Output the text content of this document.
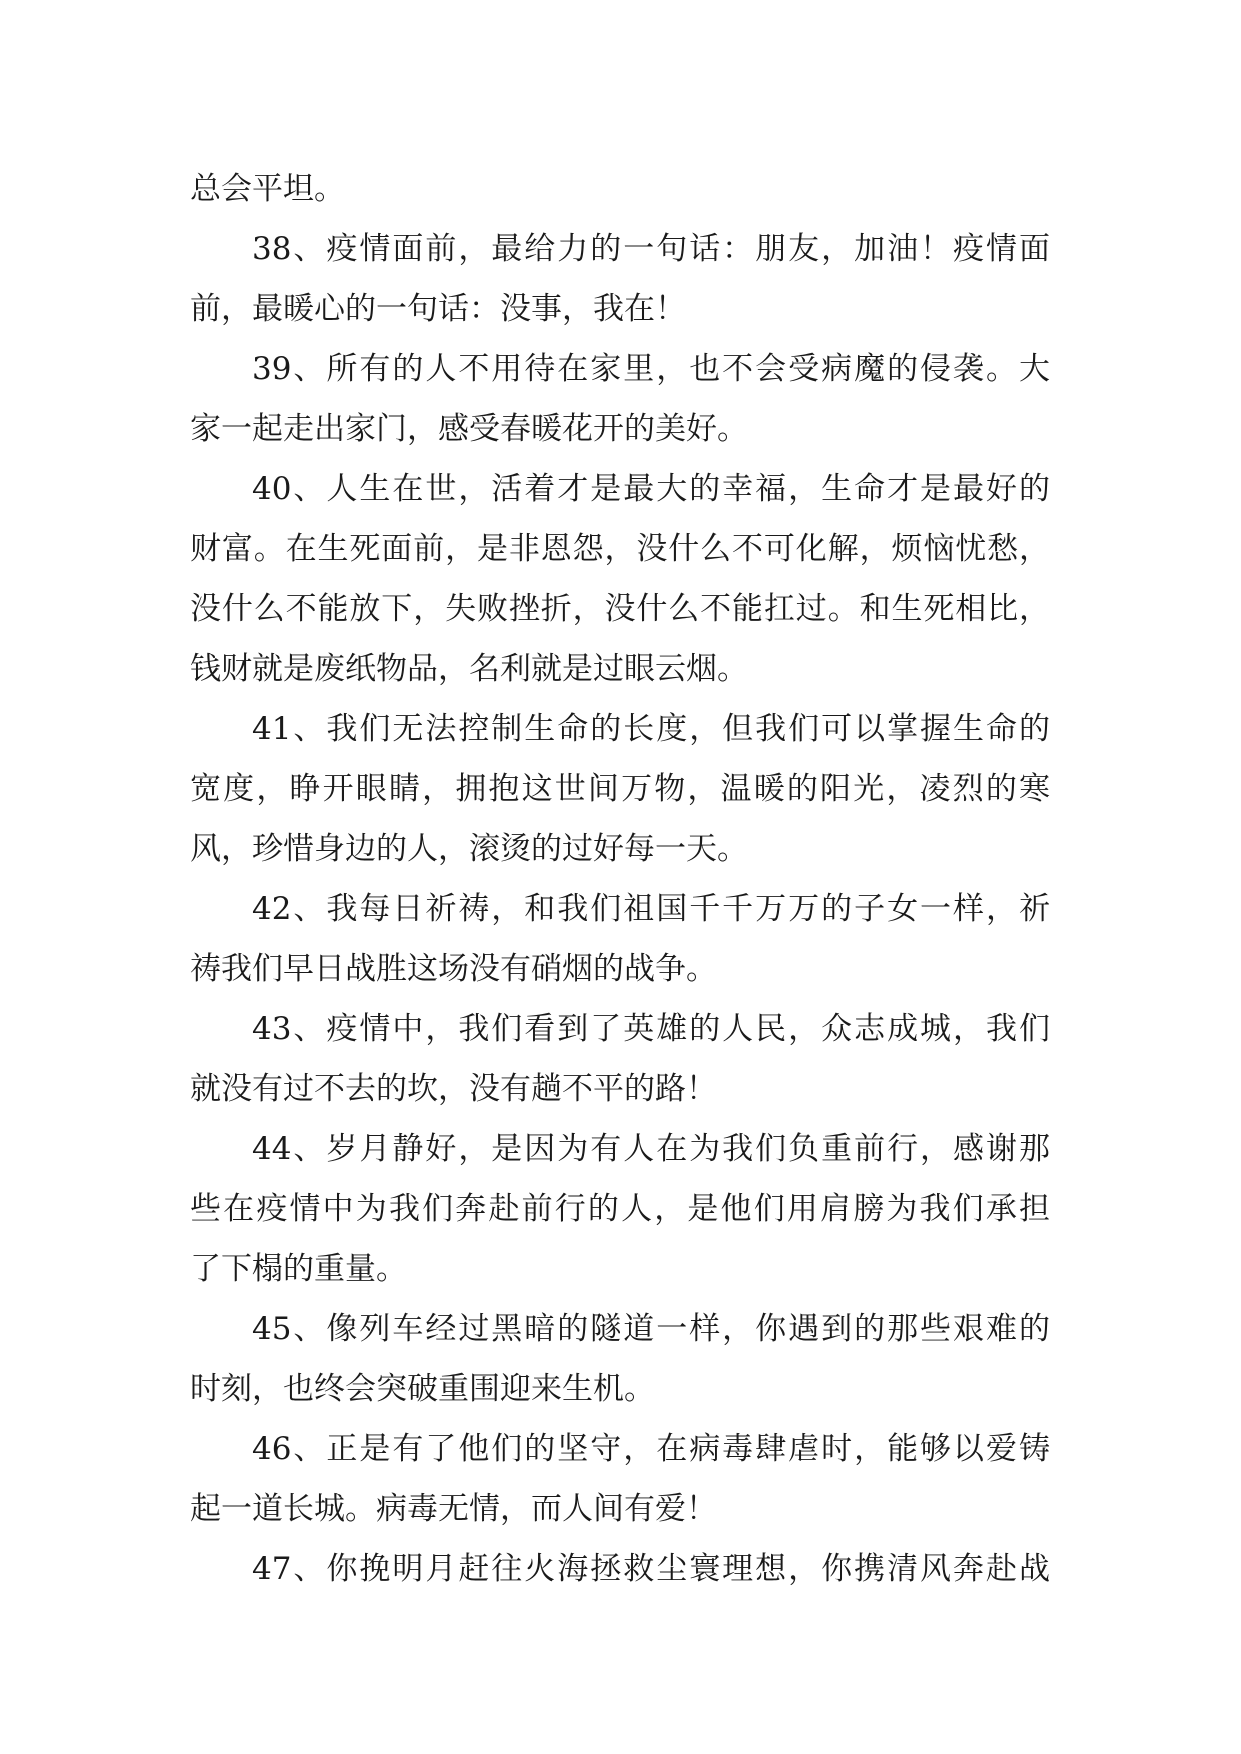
总会平坦。
38、疫情面前，最给力的一句话：朋友，加油！疫情面
前，最暖心的一句话：没事，我在！
39、所有的人不用待在家里，也不会受病魔的侵袭。大
家一起走出家门，感受春暖花开的美好。
40、人生在世，活着才是最大的幸福，生命才是最好的
财富。在生死面前，是非恩怨，没什么不可化解，烦恼忧愁，
没什么不能放下，失败挫折，没什么不能扛过。和生死相比，
钱财就是废纸物品，名利就是过眼云烟。
41、我们无法控制生命的长度，但我们可以掌握生命的
宽度，睁开眼睛，拥抱这世间万物，温暖的阳光，凌烈的寒
风，珍惜身边的人，滚烫的过好每一天。
42、我每日祈祷，和我们祖国千千万万的子女一样，祈
祷我们早日战胜这场没有硝烟的战争。
43、疫情中，我们看到了英雄的人民，众志成城，我们
就没有过不去的坎，没有趟不平的路！
44、岁月静好，是因为有人在为我们负重前行，感谢那
些在疫情中为我们奔赴前行的人，是他们用肩膀为我们承担
了下榻的重量。
45、像列车经过黑暗的隧道一样，你遇到的那些艰难的
时刻，也终会突破重围迎来生机。
46、正是有了他们的坚守，在病毒肆虐时，能够以爱铸
起一道长城。病毒无情，而人间有爱！
47、你挽明月赶往火海拯救尘寰理想，你携清风奔赴战
